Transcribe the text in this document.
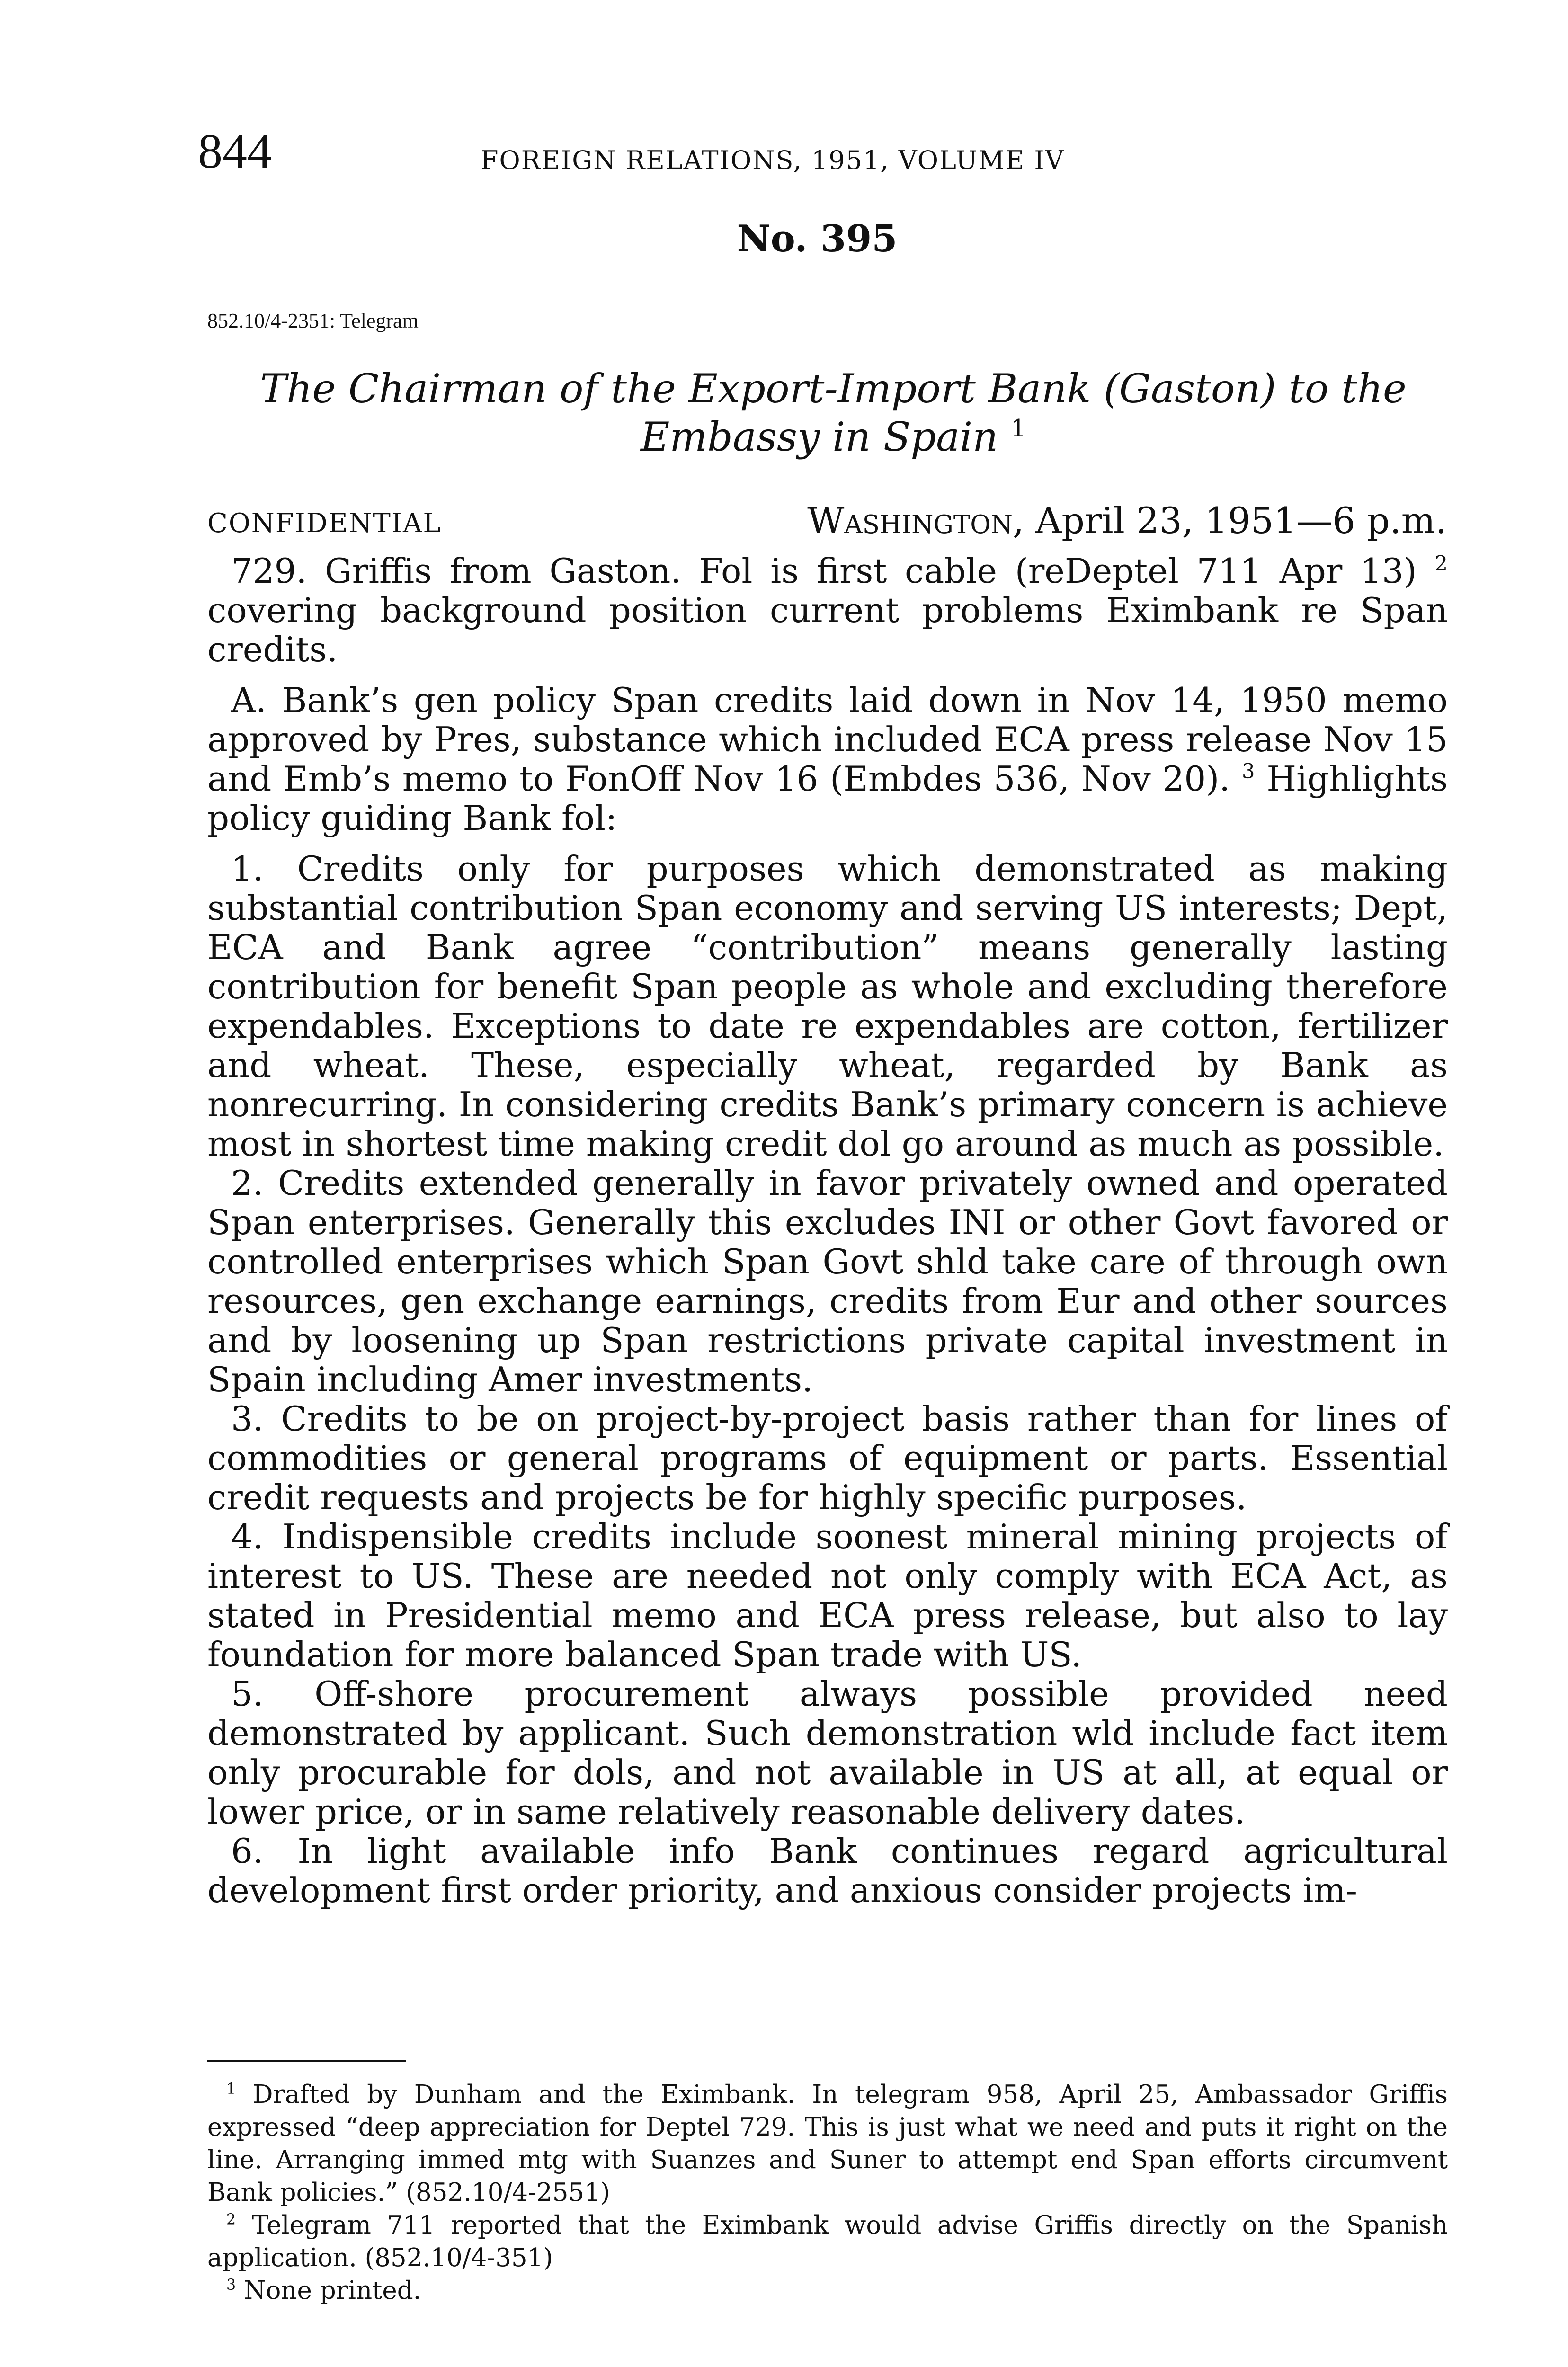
844	FOREIGN RELATIONS, 1951, VOLUME IV
No. 395
852.10/4-2351: Telegram
The Chairman of the Export-Import Bank (Gaston) to the Embassy in Spain $^1$
CONFIDENTIAL	Washington, April 23, 1951—6 p.m.

729. Griffis from Gaston. Fol is first cable (reDeptel 711 Apr 13) $^2$ covering background position current problems Eximbank re Span credits.

A. Bank’s gen policy Span credits laid down in Nov 14, 1950 memo approved by Pres, substance which included ECA press release Nov 15 and Emb’s memo to FonOff Nov 16 (Embdes 536, Nov 20). $^3$ Highlights policy guiding Bank fol:

1. Credits only for purposes which demonstrated as making substantial contribution Span economy and serving US interests; Dept, ECA and Bank agree “contribution” means generally lasting contribution for benefit Span people as whole and excluding therefore expendables. Exceptions to date re expendables are cotton, fertilizer and wheat. These, especially wheat, regarded by Bank as nonrecurring. In considering credits Bank’s primary concern is achieve most in shortest time making credit dol go around as much as possible.

2. Credits extended generally in favor privately owned and operated Span enterprises. Generally this excludes INI or other Govt favored or controlled enterprises which Span Govt shld take care of through own resources, gen exchange earnings, credits from Eur and other sources and by loosening up Span restrictions private capital investment in Spain including Amer investments.

3. Credits to be on project-by-project basis rather than for lines of commodities or general programs of equipment or parts. Essential credit requests and projects be for highly specific purposes.

4. Indispensible credits include soonest mineral mining projects of interest to US. These are needed not only comply with ECA Act, as stated in Presidential memo and ECA press release, but also to lay foundation for more balanced Span trade with US.

5. Off-shore procurement always possible provided need demonstrated by applicant. Such demonstration wld include fact item only procurable for dols, and not available in US at all, at equal or lower price, or in same relatively reasonable delivery dates.

6. In light available info Bank continues regard agricultural development first order priority, and anxious consider projects im-

$^1$ Drafted by Dunham and the Eximbank. In telegram 958, April 25, Ambassador Griffis expressed “deep appreciation for Deptel 729. This is just what we need and puts it right on the line. Arranging immed mtg with Suanzes and Suner to attempt end Span efforts circumvent Bank policies.” (852.10/4-2551)

$^2$ Telegram 711 reported that the Eximbank would advise Griffis directly on the Spanish application. (852.10/4-351)

$^3$ None printed.
